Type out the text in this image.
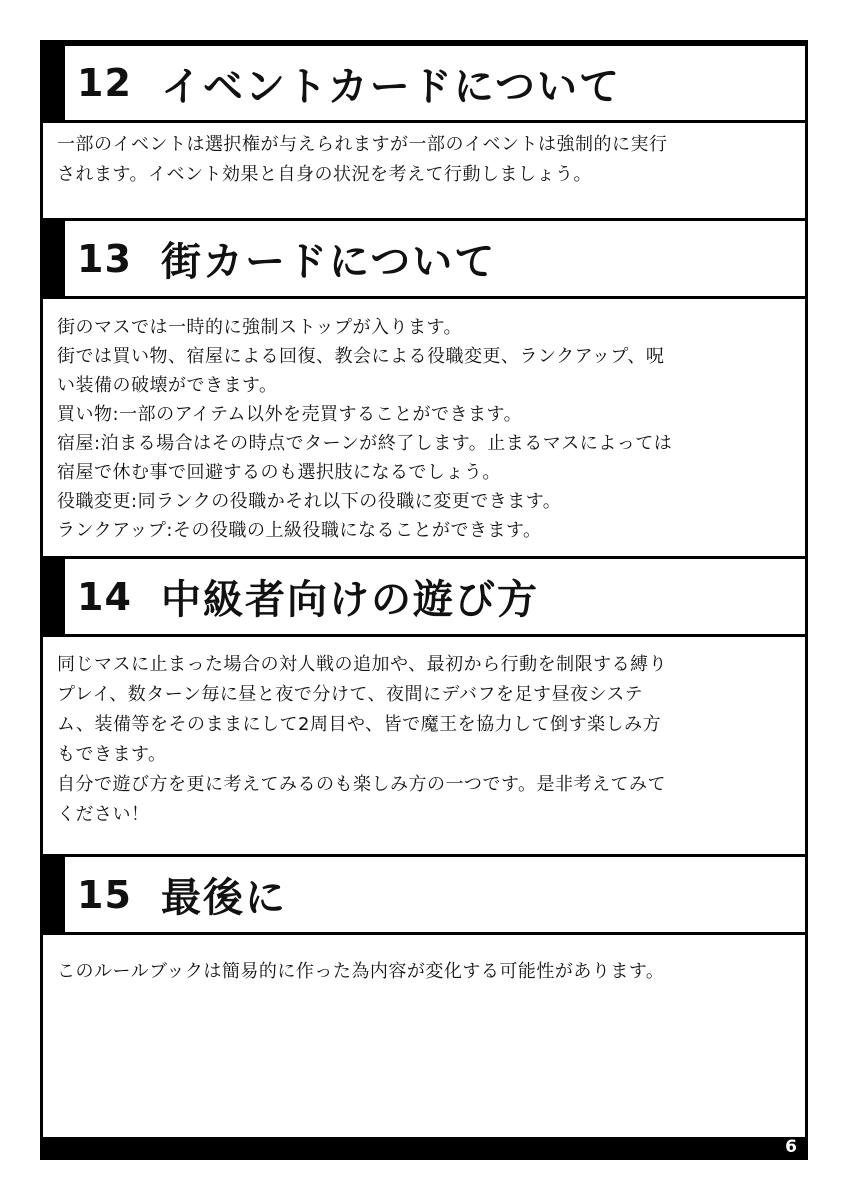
12 イベントカードについて

一部のイベントは選択権が与えられますが一部のイベントは強制的に実行

されます。イベント効果と自身の状況を考えて行動しましょう。

13 街カードについて

街のマスでは一時的に強制ストップが入ります。

街では買い物、宿屋による回復、教会による役職変更、ランクアップ、呪

い装備の破壊ができます。

買い物:一部のアイテム以外を売買することができます。

宿屋:泊まる場合はその時点でターンが終了します。止まるマスによっては

宿屋で休む事で回避するのも選択肢になるでしょう。

役職変更:同ランクの役職かそれ以下の役職に変更できます。

ランクアップ:その役職の上級役職になることができます。

14 中級者向けの遊び方

同じマスに止まった場合の対人戦の追加や、最初から行動を制限する縛り

プレイ、数ターン毎に昼と夜で分けて、夜間にデバフを足す昼夜システ

ム、装備等をそのままにして2周目や、皆で魔王を協力して倒す楽しみ方

もできます。

自分で遊び方を更に考えてみるのも楽しみ方の一つです。是非考えてみて

ください！

15 最後に

このルールブックは簡易的に作った為内容が変化する可能性があります。

6
